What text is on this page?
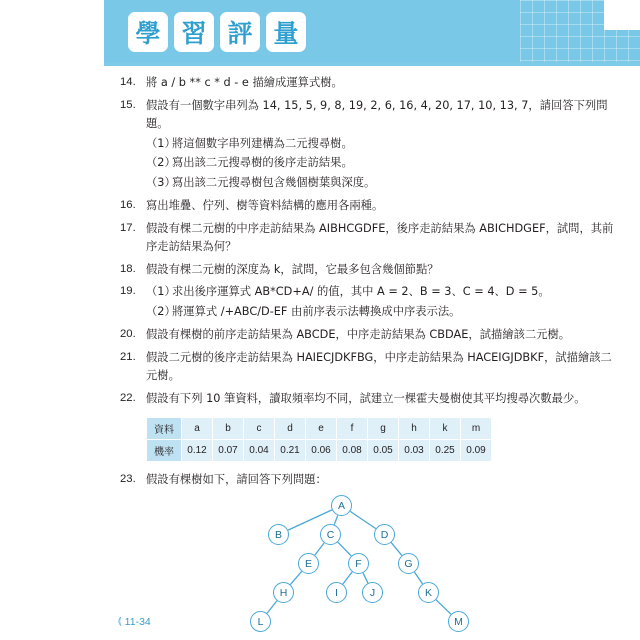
學 習 評 量
14. 將 a / b ** c * d - e 描繪成運算式樹。
15. 假設有一個數字串列為 14, 15, 5, 9, 8, 19, 2, 6, 16, 4, 20, 17, 10, 13, 7，請回答下列問題。
（1）
將這個數字串列建構為二元搜尋樹。
（2）
寫出該二元搜尋樹的後序走訪結果。
（3）
寫出該二元搜尋樹包含幾個樹葉與深度。
16. 寫出堆疊、佇列、樹等資料結構的應用各兩種。
17. 假設有棵二元樹的中序走訪結果為 AIBHCGDFE，後序走訪結果為 ABICHDGEF，試問，其前序走訪結果為何？
18. 假設有棵二元樹的深度為 k，試問，它最多包含幾個節點？
19. （1）
求出後序運算式 AB*CD+A/ 的值，其中 A = 2、B = 3、C = 4、D = 5。
（2）
將運算式 /+ABC/D-EF 由前序表示法轉換成中序表示法。
20. 假設有棵樹的前序走訪結果為 ABCDE，中序走訪結果為 CBDAE，試描繪該二元樹。
21. 假設二元樹的後序走訪結果為 HAIECJDKFBG，中序走訪結果為 HACEIGJDBKF，試描繪該二元樹。
22. 假設有下列 10 筆資料，讀取頻率均不同，試建立一棵霍夫曼樹使其平均搜尋次數最少。
資料	a	b	c	d	e	f	g	h	k	m
機率	0.12	0.07	0.04	0.21	0.06	0.08	0.05	0.03	0.25	0.09
23. 假設有棵樹如下，請回答下列問題：
A
B	C	D
E	F	G
H	I	J	K
L	M
⦅ 11-34
